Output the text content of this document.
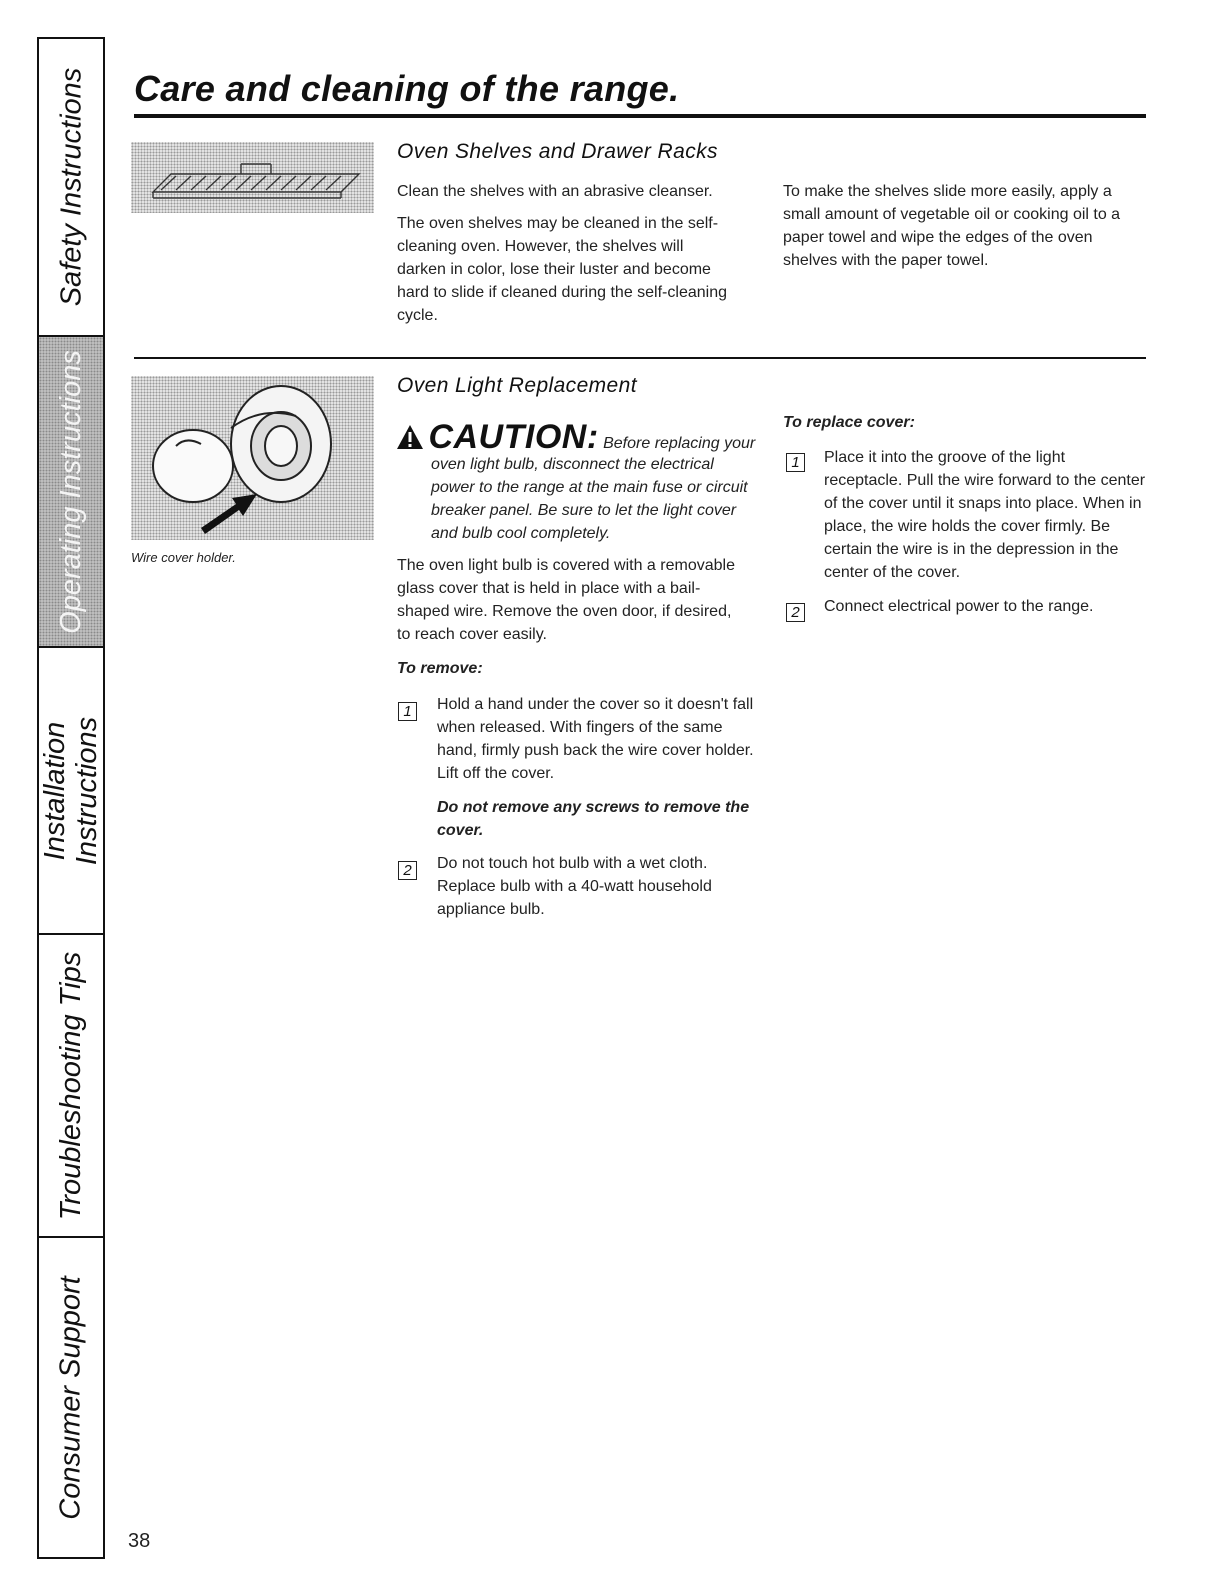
Safety Instructions
Operating Instructions
Installation Instructions
Troubleshooting Tips
Consumer Support
Care and cleaning of the range.
Oven Shelves and Drawer Racks

Clean the shelves with an abrasive cleanser.

The oven shelves may be cleaned in the self-cleaning oven. However, the shelves will darken in color, lose their luster and become hard to slide if cleaned during the self-cleaning cycle.

To make the shelves slide more easily, apply a small amount of vegetable oil or cooking oil to a paper towel and wipe the edges of the oven shelves with the paper towel.

Wire cover holder.

Oven Light Replacement
CAUTION: Before replacing your

oven light bulb, disconnect the electrical power to the range at the main fuse or circuit breaker panel. Be sure to let the light cover and bulb cool completely.

The oven light bulb is covered with a removable glass cover that is held in place with a bail-shaped wire. Remove the oven door, if desired, to reach cover easily.

To remove:

1	Hold a hand under the cover so it doesn't fall when released. With fingers of the same hand, firmly push back the wire cover holder. Lift off the cover.

Do not remove any screws to remove the cover.

2	Do not touch hot bulb with a wet cloth. Replace bulb with a 40-watt household appliance bulb.

To replace cover:

1	Place it into the groove of the light receptacle. Pull the wire forward to the center of the cover until it snaps into place. When in place, the wire holds the cover firmly. Be certain the wire is in the depression in the center of the cover.

2	Connect electrical power to the range.

38
